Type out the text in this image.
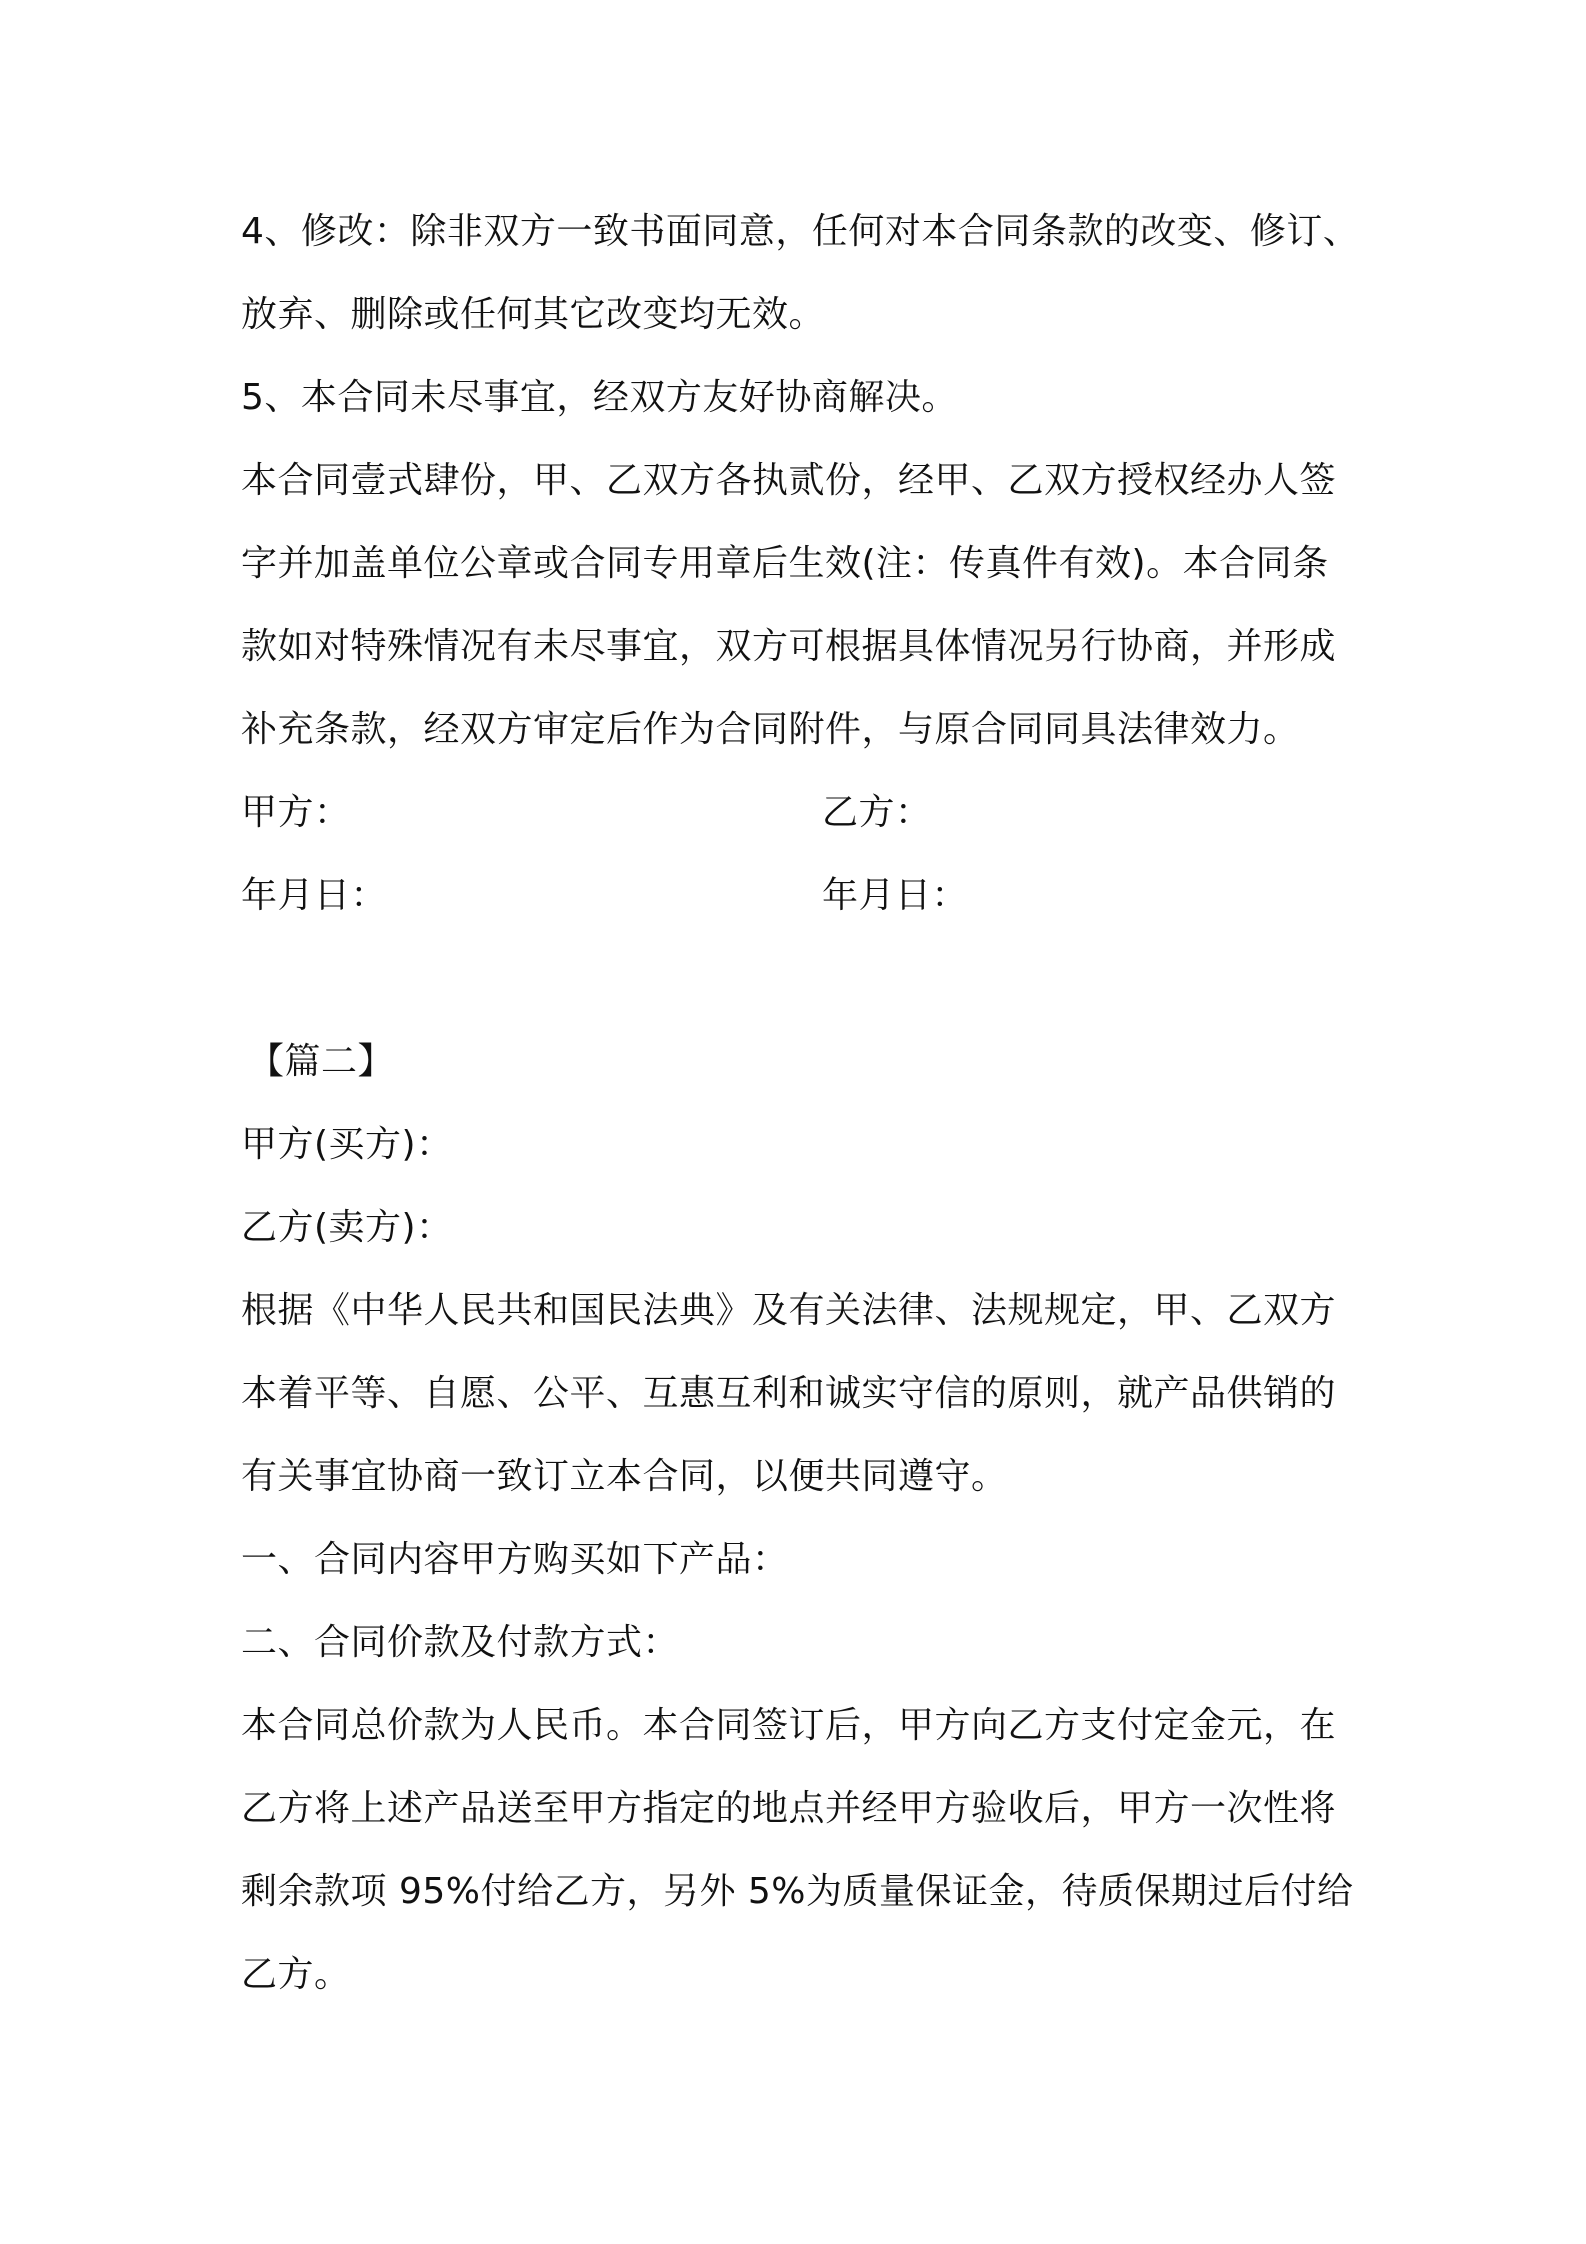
4、修改：除非双方一致书面同意，任何对本合同条款的改变、修订、
放弃、删除或任何其它改变均无效。
5、本合同未尽事宜，经双方友好协商解决。
本合同壹式肆份，甲、乙双方各执贰份，经甲、乙双方授权经办人签
字并加盖单位公章或合同专用章后生效(注：传真件有效)。本合同条
款如对特殊情况有未尽事宜，双方可根据具体情况另行协商，并形成
补充条款，经双方审定后作为合同附件，与原合同同具法律效力。
甲方：	乙方：
年月日：	年月日：
【篇二】
甲方(买方)：
乙方(卖方)：
根据《中华人民共和国民法典》及有关法律、法规规定，甲、乙双方
本着平等、自愿、公平、互惠互利和诚实守信的原则，就产品供销的
有关事宜协商一致订立本合同，以便共同遵守。
一、合同内容甲方购买如下产品：
二、合同价款及付款方式：
本合同总价款为人民币。本合同签订后，甲方向乙方支付定金元，在
乙方将上述产品送至甲方指定的地点并经甲方验收后，甲方一次性将
剩余款项 95%付给乙方，另外 5%为质量保证金，待质保期过后付给
乙方。
